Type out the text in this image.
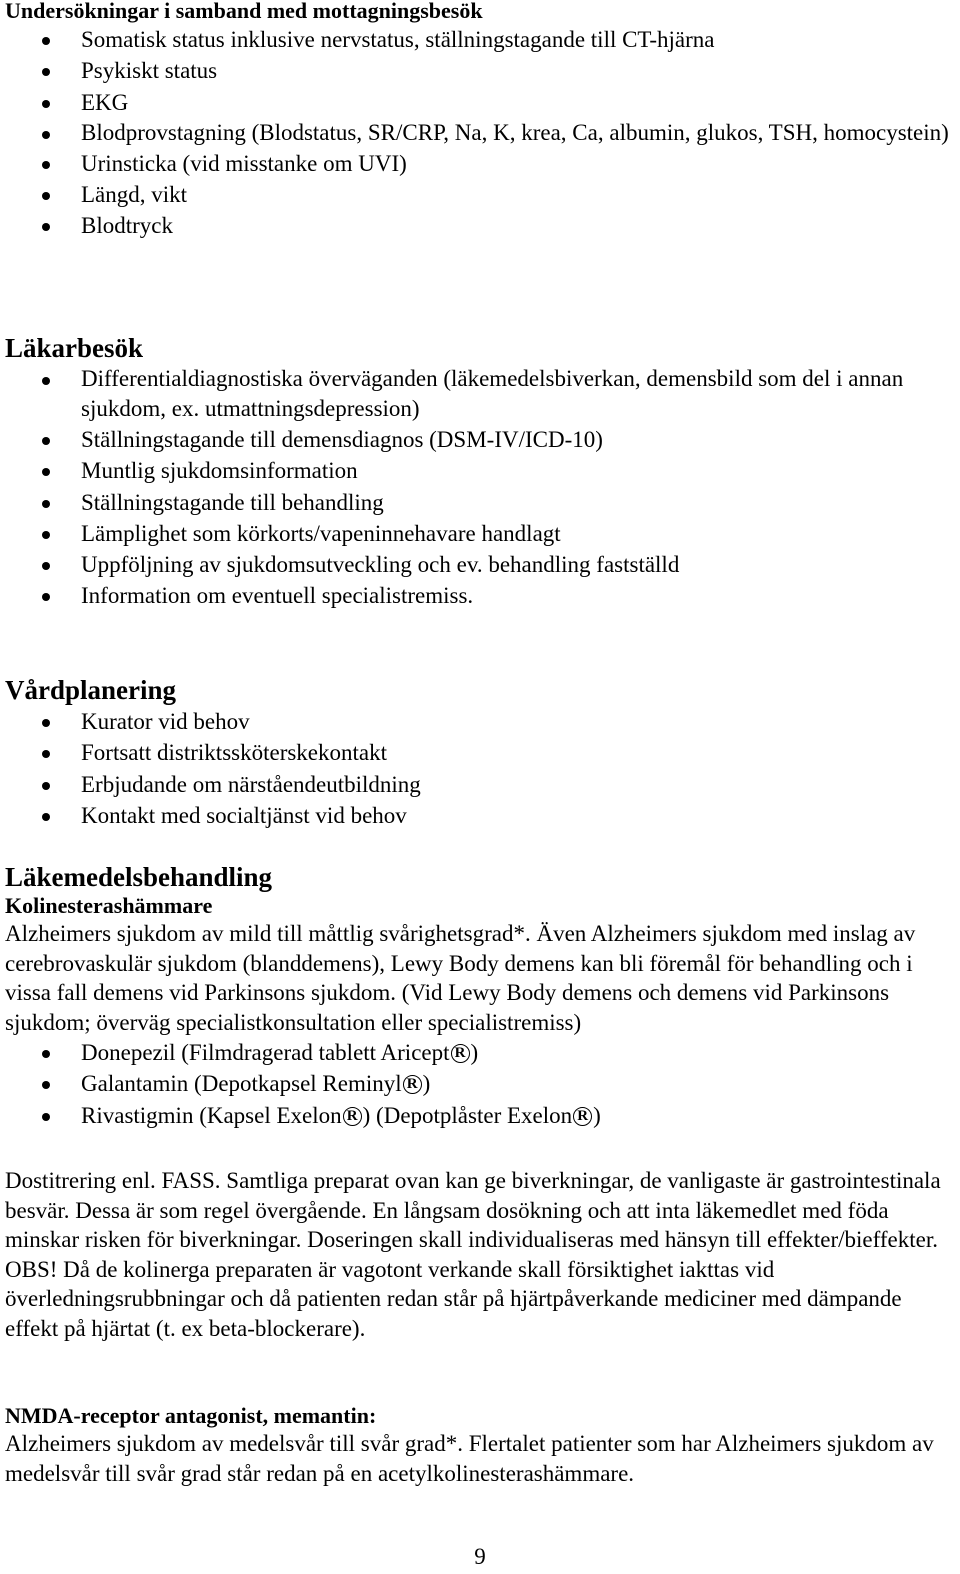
Undersökningar i samband med mottagningsbesök

Somatisk status inklusive nervstatus, ställningstagande till CT-hjärna
Psykiskt status
EKG
Blodprovstagning (Blodstatus, SR/CRP, Na, K, krea, Ca, albumin, glukos, TSH, homocystein)
Urinsticka (vid misstanke om UVI)
Längd, vikt
Blodtryck

Läkarbesök

Differentialdiagnostiska överväganden (läkemedelsbiverkan, demensbild som del i annan sjukdom, ex. utmattningsdepression)
Ställningstagande till demensdiagnos (DSM-IV/ICD-10)
Muntlig sjukdomsinformation
Ställningstagande till behandling
Lämplighet som körkorts/vapeninnehavare handlagt
Uppföljning av sjukdomsutveckling och ev. behandling fastställd
Information om eventuell specialistremiss.

Vårdplanering

Kurator vid behov
Fortsatt distriktssköterskekontakt
Erbjudande om närståendeutbildning
Kontakt med socialtjänst vid behov

Läkemedelsbehandling

Kolinesterashämmare

Alzheimers sjukdom av mild till måttlig svårighetsgrad*. Även Alzheimers sjukdom med inslag av cerebrovaskulär sjukdom (blanddemens), Lewy Body demens kan bli föremål för behandling och i vissa fall demens vid Parkinsons sjukdom. (Vid Lewy Body demens och demens vid Parkinsons sjukdom; överväg specialistkonsultation eller specialistremiss)

Donepezil (Filmdragerad tablett Aricept R )
Galantamin (Depotkapsel Reminyl R )
Rivastigmin (Kapsel Exelon R ) (Depotplåster Exelon R )

Dostitrering enl. FASS. Samtliga preparat ovan kan ge biverkningar, de vanligaste är gastrointestinala besvär. Dessa är som regel övergående. En långsam dosökning och att inta läkemedlet med föda minskar risken för biverkningar. Doseringen skall individualiseras med hänsyn till effekter/bieffekter.

OBS! Då de kolinerga preparaten är vagotont verkande skall försiktighet iakttas vid överledningsrubbningar och då patienten redan står på hjärtpåverkande mediciner med dämpande effekt på hjärtat (t. ex beta-blockerare).

NMDA-receptor antagonist, memantin:

Alzheimers sjukdom av medelsvår till svår grad*. Flertalet patienter som har Alzheimers sjukdom av medelsvår till svår grad står redan på en acetylkolinesterashämmare.

9
